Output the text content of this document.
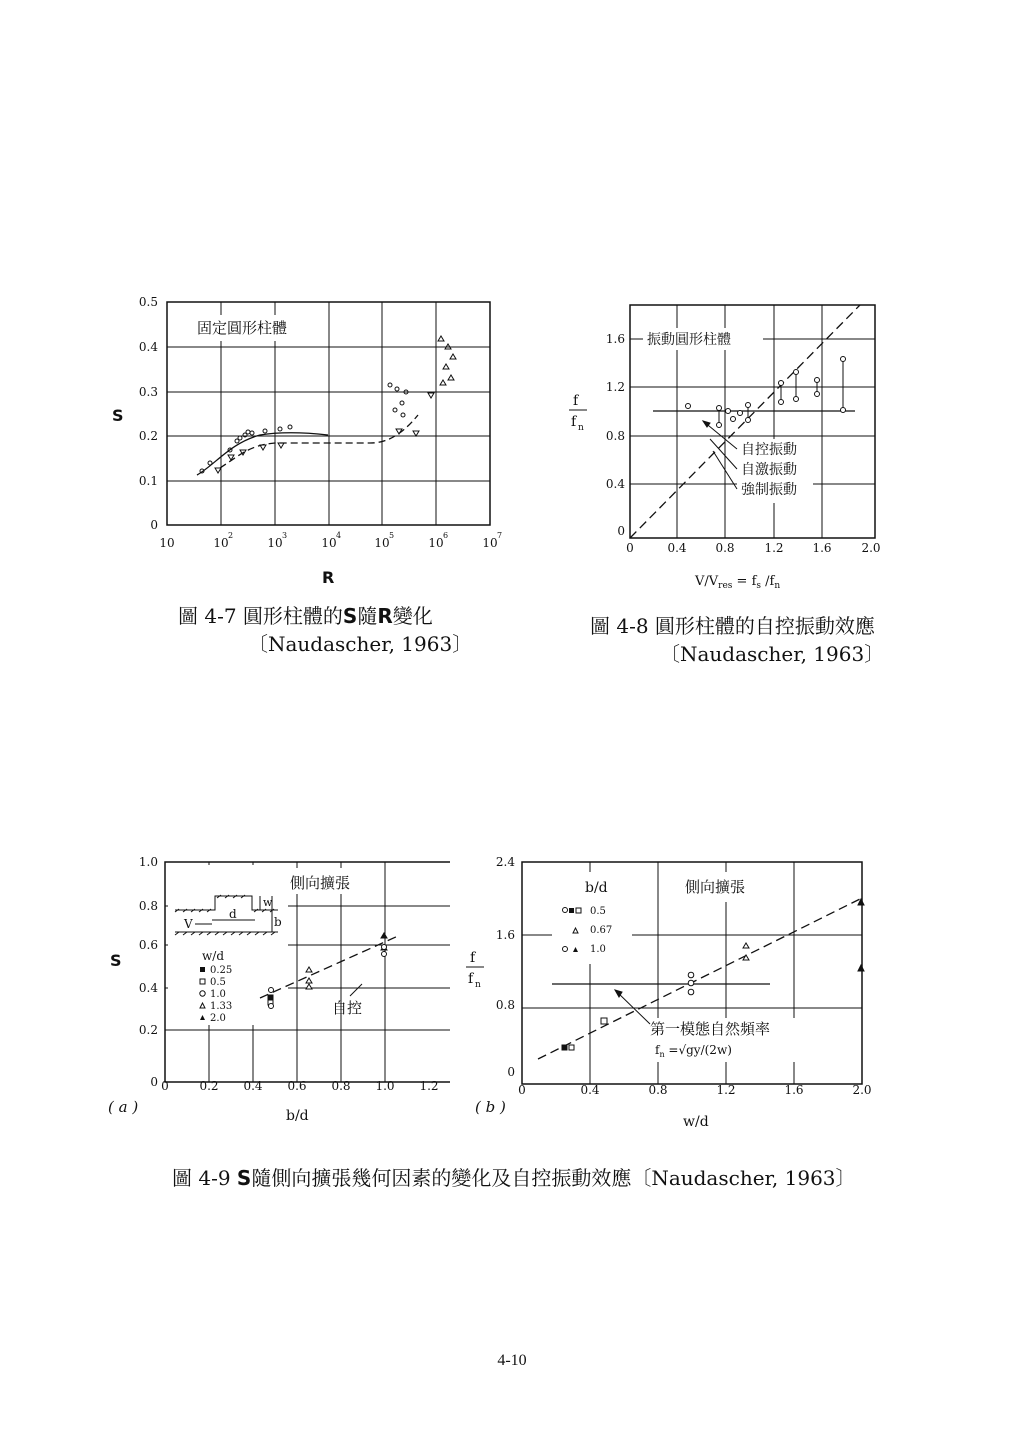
固定圓形柱體
0
0.1
0.2
0.3
0.4
0.5
10	10	10	10	10	10	10
2	3	4	5	6	7
S
R
圖 4-7 圓形柱體的S隨R變化
〔Naudascher, 1963〕
振動圓形柱體
0
0.4
0.8
1.2
1.6
0	0.4 0.8 1.2 1.6 2.0
f
f n
$V/V_{res} = f_s$ $/f_n$
自控振動
自激振動
強制振動
圖 4-8 圓形柱體的自控振動效應
〔Naudascher, 1963〕
側向擴張
0
0.2
0.4
0.6
0.8
1.0
0	0.2 0.4 0.6 0.8 1.0 1.2
S
b/d
( a )
V
d
w
b
w/d
0.25
0.5
1.0
1.33
2.0
自控
側向擴張
0
0.8
1.6
2.4
0	0.4	0.8	1.2	1.6	2.0
f
f n
w/d
( b )
b/d
0.5
0.67
1.0
第一模態自然頻率
$f_n =√gy/(2w)$
圖 4-9 S隨側向擴張幾何因素的變化及自控振動效應〔Naudascher, 1963〕
4-10
